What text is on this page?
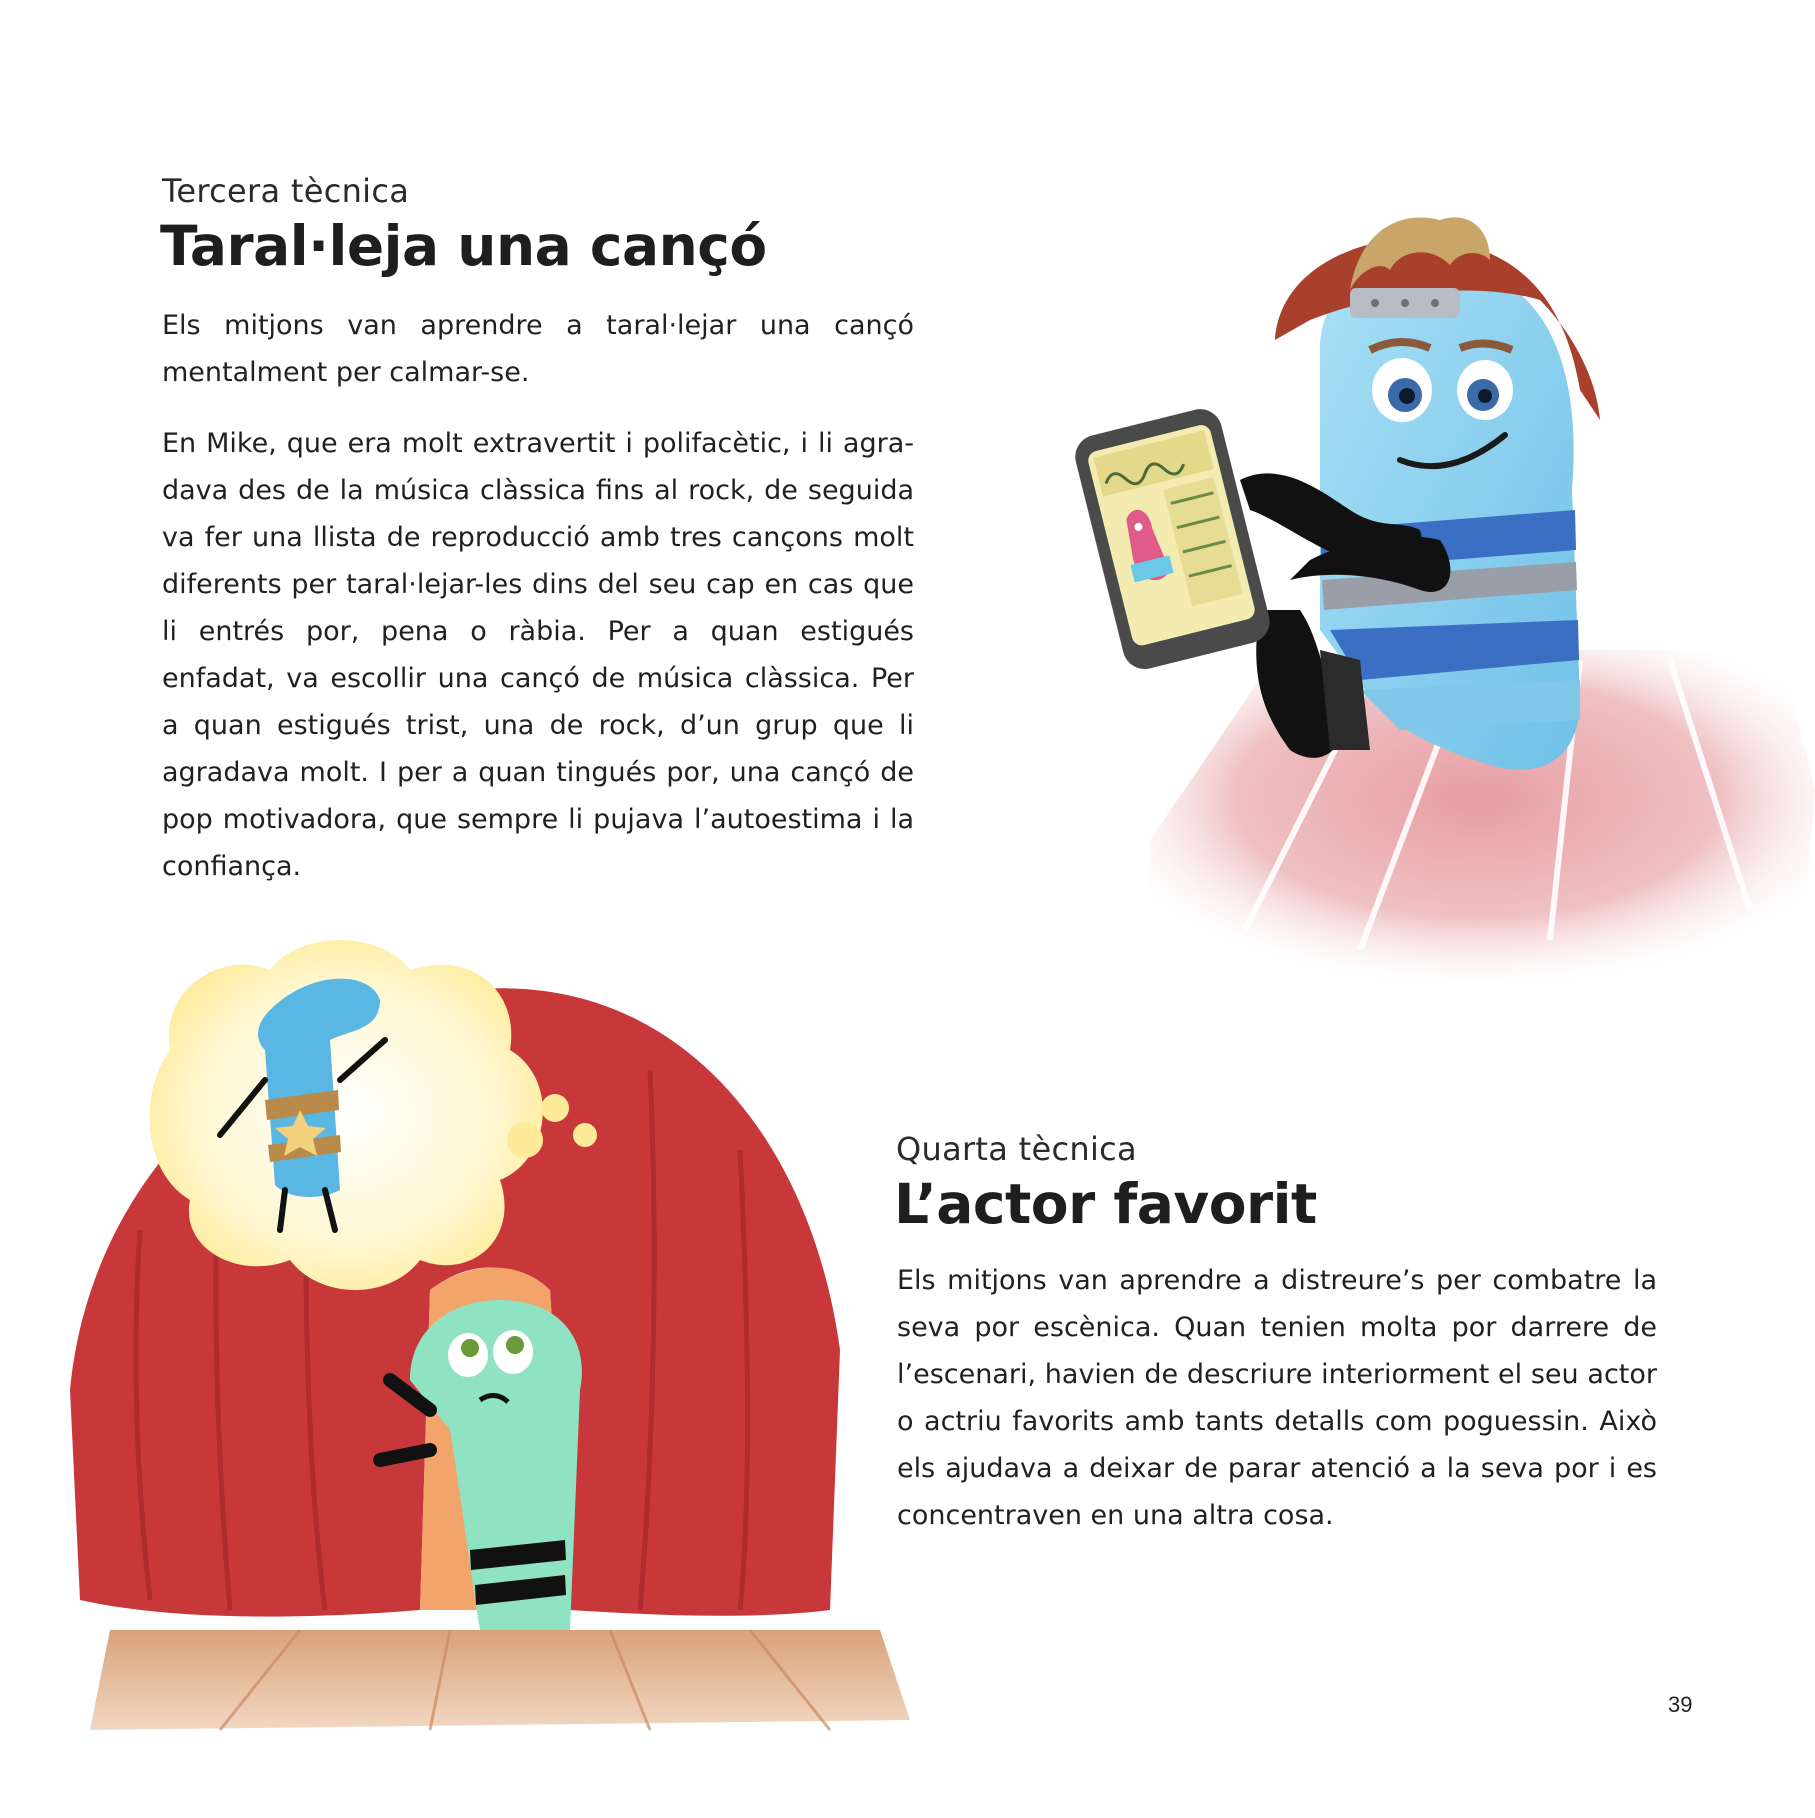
Tercera tècnica
Taral·leja una cançó

Els mitjons van aprendre a taral·lejar una cançó mentalment per calmar-se.

En Mike, que era molt extravertit i polifacètic, i li agradava des de la música clàssica fins al rock, de seguida va fer una llista de reproducció amb tres cançons molt diferents per taral·lejar-les dins del seu cap en cas que li entrés por, pena o ràbia. Per a quan estigués enfadat, va escollir una cançó de música clàssica. Per a quan estigués trist, una de rock, d’un grup que li agradava molt. I per a quan tingués por, una cançó de pop motivadora, que sempre li pujava l’autoestima i la confiança.

Quarta tècnica
L’actor favorit

Els mitjons van aprendre a distreure’s per combatre la seva por escènica. Quan tenien molta por darrere de l’escenari, havien de descriure interiorment el seu actor o actriu favorits amb tants detalls com poguessin. Això els ajudava a deixar de parar atenció a la seva por i es concentraven en una altra cosa.

39
